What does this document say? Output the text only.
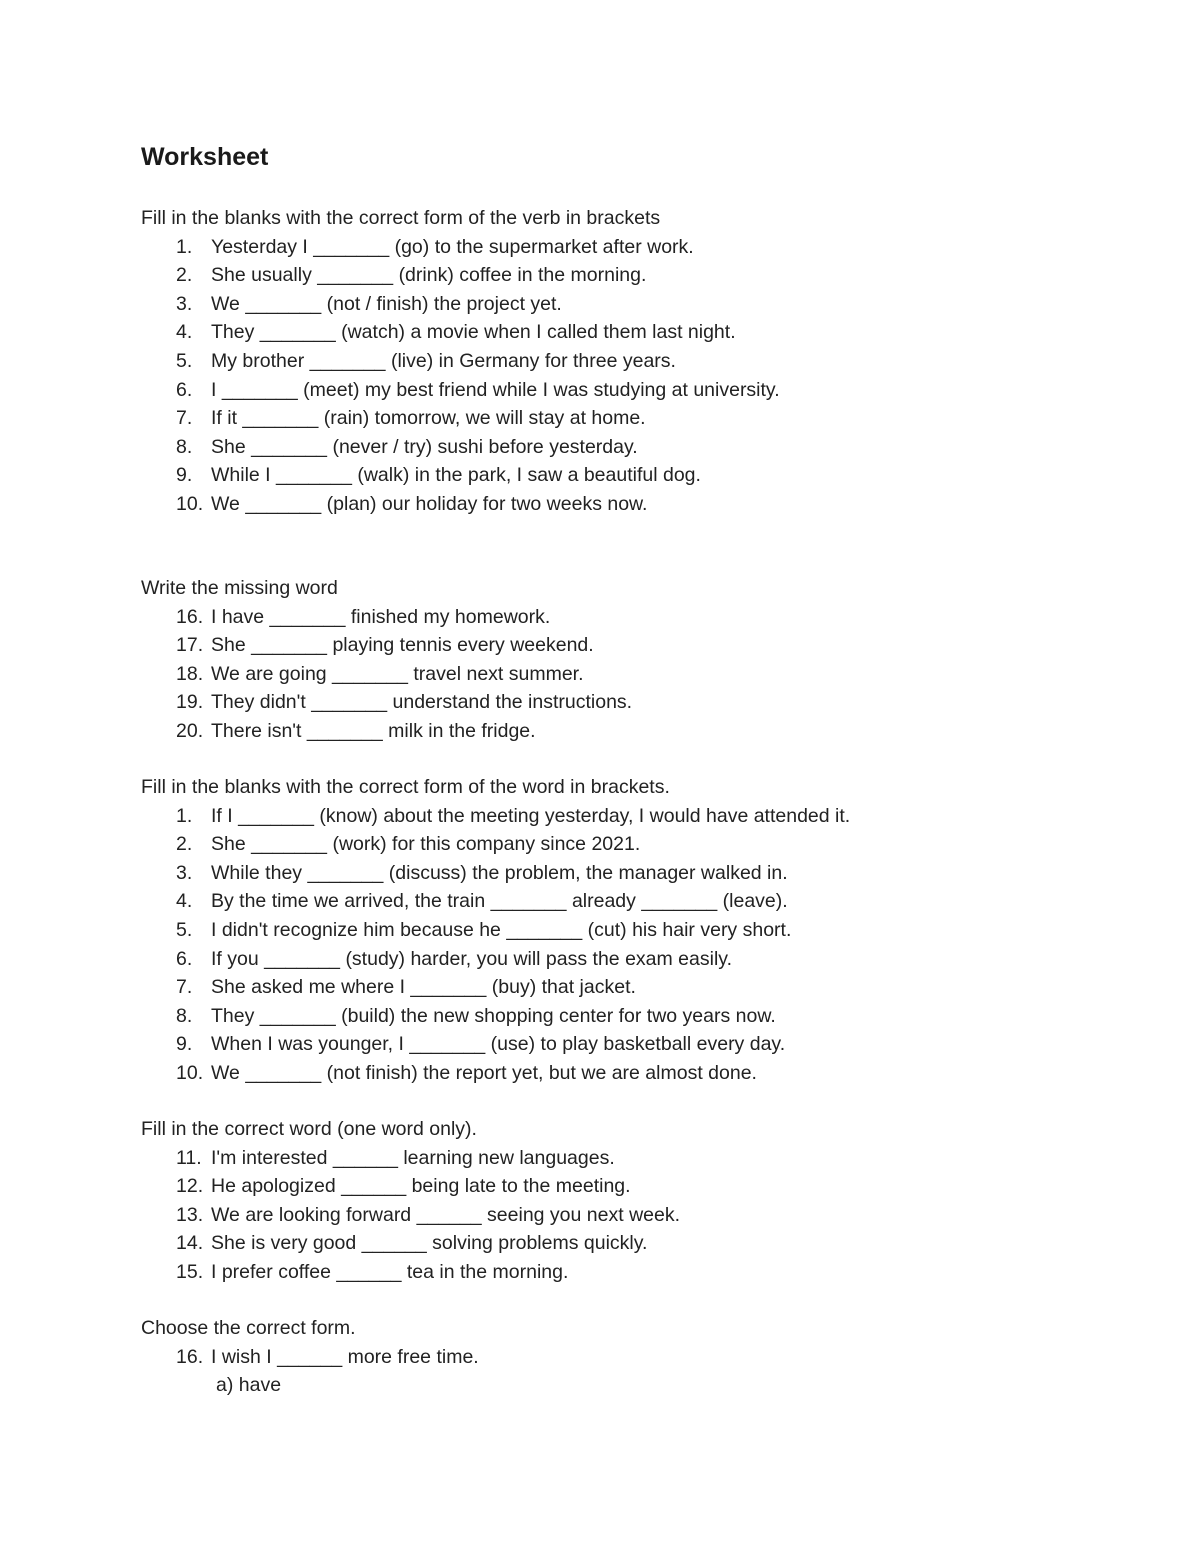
Worksheet
Fill in the blanks with the correct form of the verb in brackets
1. Yesterday I _______ (go) to the supermarket after work.
2. She usually _______ (drink) coffee in the morning.
3. We _______ (not / finish) the project yet.
4. They _______ (watch) a movie when I called them last night.
5. My brother _______ (live) in Germany for three years.
6. I _______ (meet) my best friend while I was studying at university.
7. If it _______ (rain) tomorrow, we will stay at home.
8. She _______ (never / try) sushi before yesterday.
9. While I _______ (walk) in the park, I saw a beautiful dog.
10. We _______ (plan) our holiday for two weeks now.
Write the missing word
16. I have _______ finished my homework.
17. She _______ playing tennis every weekend.
18. We are going _______ travel next summer.
19. They didn't _______ understand the instructions.
20. There isn't _______ milk in the fridge.
Fill in the blanks with the correct form of the word in brackets.
1. If I _______ (know) about the meeting yesterday, I would have attended it.
2. She _______ (work) for this company since 2021.
3. While they _______ (discuss) the problem, the manager walked in.
4. By the time we arrived, the train _______ already _______ (leave).
5. I didn't recognize him because he _______ (cut) his hair very short.
6. If you _______ (study) harder, you will pass the exam easily.
7. She asked me where I _______ (buy) that jacket.
8. They _______ (build) the new shopping center for two years now.
9. When I was younger, I _______ (use) to play basketball every day.
10. We _______ (not finish) the report yet, but we are almost done.
Fill in the correct word (one word only).
11. I'm interested ______ learning new languages.
12. He apologized ______ being late to the meeting.
13. We are looking forward ______ seeing you next week.
14. She is very good ______ solving problems quickly.
15. I prefer coffee ______ tea in the morning.
Choose the correct form.
16. I wish I ______ more free time.
a) have
